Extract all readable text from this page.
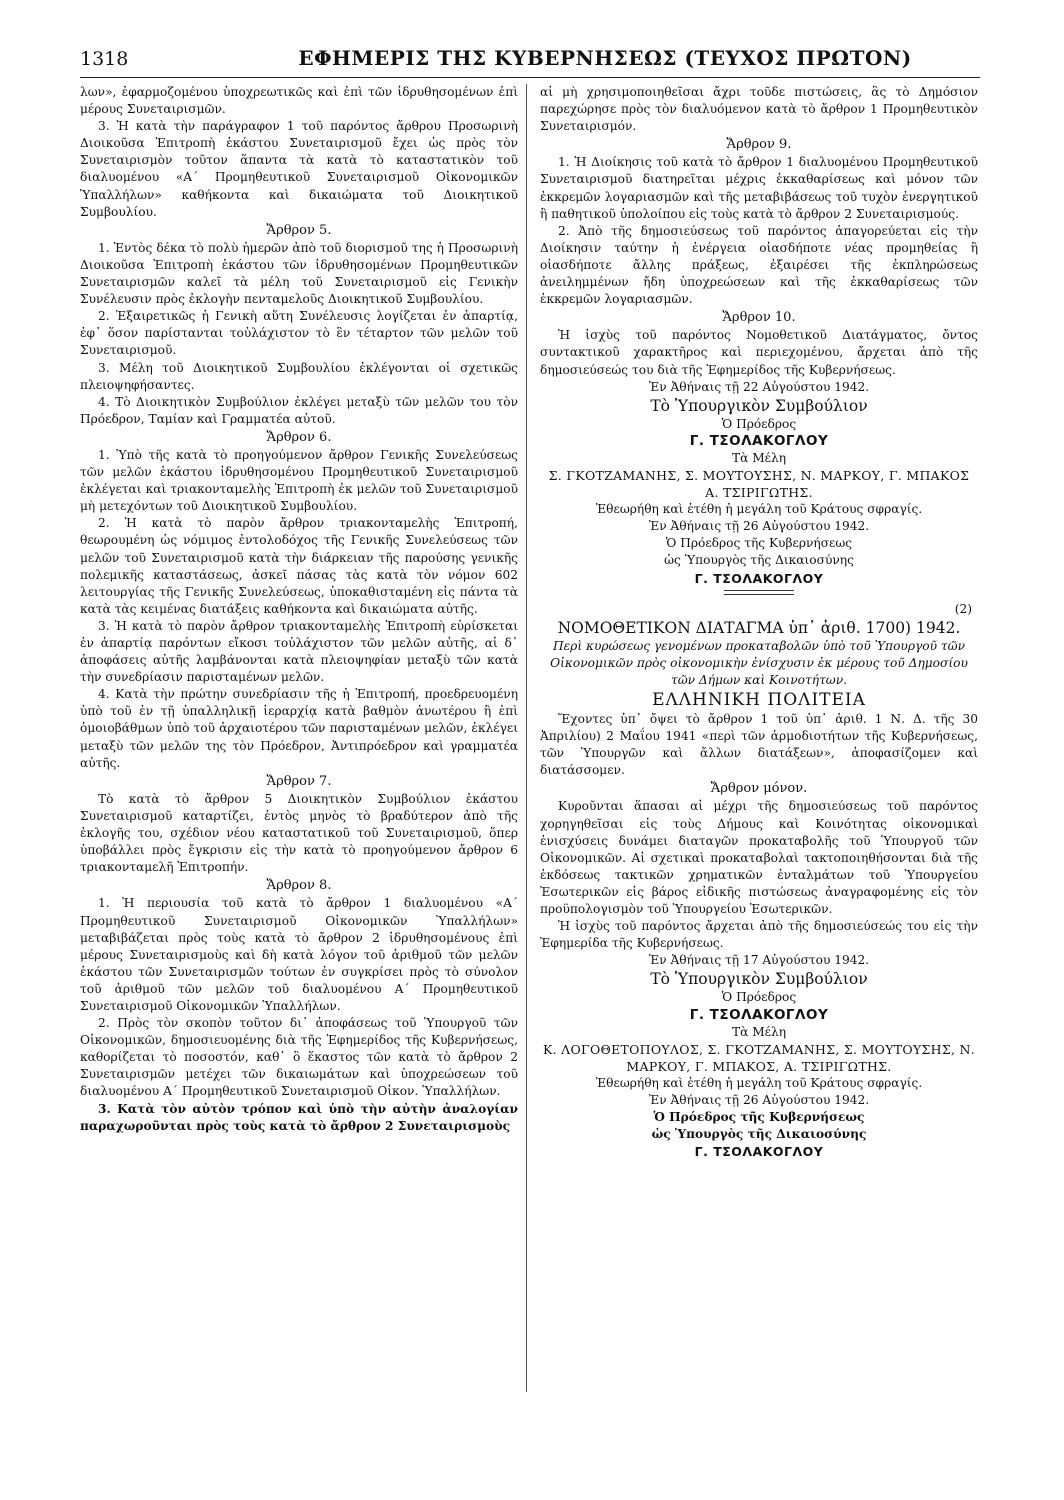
1318	ΕΦΗΜΕΡΙΣ ΤΗΣ ΚΥΒΕΡΝΗΣΕΩΣ (ΤΕΥΧΟΣ ΠΡΩΤΟΝ)

λων», ἐφαρμοζομένου ὑποχρεωτικῶς καὶ ἐπὶ τῶν ἱδρυθησομένων ἐπὶ μέρους Συνεταιρισμῶν.

3. Ἡ κατὰ τὴν παράγραφον 1 τοῦ παρόντος ἄρθρου Προσωρινὴ Διοικοῦσα Ἐπιτροπὴ ἑκάστου Συνεταιρισμοῦ ἔχει ὡς πρὸς τὸν Συνεταιρισμὸν τοῦτον ἅπαντα τὰ κατὰ τὸ καταστατικὸν τοῦ διαλυομένου «Α΄ Προμηθευτικοῦ Συνεταιρισμοῦ Οἰκονομικῶν Ὑπαλλήλων» καθήκοντα καὶ δικαιώματα τοῦ Διοικητικοῦ Συμβουλίου.

Ἄρθρον 5.

1. Ἐντὸς δέκα τὸ πολὺ ἡμερῶν ἀπὸ τοῦ διορισμοῦ της ἡ Προσωρινὴ Διοικοῦσα Ἐπιτροπὴ ἑκάστου τῶν ἱδρυθησομένων Προμηθευτικῶν Συνεταιρισμῶν καλεῖ τὰ μέλη τοῦ Συνεταιρισμοῦ εἰς Γενικὴν Συνέλευσιν πρὸς ἐκλογὴν πενταμελοῦς Διοικητικοῦ Συμβουλίου.

2. Ἐξαιρετικῶς ἡ Γενικὴ αὕτη Συνέλευσις λογίζεται ἐν ἀπαρτίᾳ, ἐφ᾽ ὅσον παρίστανται τοὐλάχιστον τὸ ἓν τέταρτον τῶν μελῶν τοῦ Συνεταιρισμοῦ.

3. Μέλη τοῦ Διοικητικοῦ Συμβουλίου ἐκλέγονται οἱ σχετικῶς πλειοψηφήσαντες.

4. Τὸ Διοικητικὸν Συμβούλιον ἐκλέγει μεταξὺ τῶν μελῶν του τὸν Πρόεδρον, Ταμίαν καὶ Γραμματέα αὐτοῦ.

Ἄρθρον 6.

1. Ὑπὸ τῆς κατὰ τὸ προηγούμενον ἄρθρον Γενικῆς Συνελεύσεως τῶν μελῶν ἑκάστου ἱδρυθησομένου Προμηθευτικοῦ Συνεταιρισμοῦ ἐκλέγεται καὶ τριακονταμελὴς Ἐπιτροπὴ ἐκ μελῶν τοῦ Συνεταιρισμοῦ μὴ μετεχόντων τοῦ Διοικητικοῦ Συμβουλίου.

2. Ἡ κατὰ τὸ παρὸν ἄρθρον τριακονταμελὴς Ἐπιτροπή, θεωρουμένη ὡς νόμιμος ἐντολοδόχος τῆς Γενικῆς Συνελεύσεως τῶν μελῶν τοῦ Συνεταιρισμοῦ κατὰ τὴν διάρκειαν τῆς παρούσης γενικῆς πολεμικῆς καταστάσεως, ἀσκεῖ πάσας τὰς κατὰ τὸν νόμον 602 λειτουργίας τῆς Γενικῆς Συνελεύσεως, ὑποκαθισταμένη εἰς πάντα τὰ κατὰ τὰς κειμένας διατάξεις καθήκοντα καὶ δικαιώματα αὐτῆς.

3. Ἡ κατὰ τὸ παρὸν ἄρθρον τριακονταμελὴς Ἐπιτροπὴ εὑρίσκεται ἐν ἀπαρτίᾳ παρόντων εἴκοσι τοὐλάχιστον τῶν μελῶν αὐτῆς, αἱ δ᾽ ἀποφάσεις αὐτῆς λαμβάνονται κατὰ πλειοψηφίαν μεταξὺ τῶν κατὰ τὴν συνεδρίασιν παρισταμένων μελῶν.

4. Κατὰ τὴν πρώτην συνεδρίασιν τῆς ἡ Ἐπιτροπή, προεδρευομένη ὑπὸ τοῦ ἐν τῇ ὑπαλληλικῇ ἱεραρχίᾳ κατὰ βαθμὸν ἀνωτέρου ἢ ἐπὶ ὁμοιοβάθμων ὑπὸ τοῦ ἀρχαιοτέρου τῶν παρισταμένων μελῶν, ἐκλέγει μεταξὺ τῶν μελῶν της τὸν Πρόεδρον, Ἀντιπρόεδρον καὶ γραμματέα αὐτῆς.

Ἄρθρον 7.

Τὸ κατὰ τὸ ἄρθρον 5 Διοικητικὸν Συμβούλιον ἑκάστου Συνεταιρισμοῦ καταρτίζει, ἐντὸς μηνὸς τὸ βραδύτερον ἀπὸ τῆς ἐκλογῆς του, σχέδιον νέου καταστατικοῦ τοῦ Συνεταιρισμοῦ, ὅπερ ὑποβάλλει πρὸς ἔγκρισιν εἰς τὴν κατὰ τὸ προηγούμενον ἄρθρον 6 τριακονταμελῆ Ἐπιτροπήν.

Ἄρθρον 8.

1. Ἡ περιουσία τοῦ κατὰ τὸ ἄρθρον 1 διαλυομένου «Α΄ Προμηθευτικοῦ Συνεταιρισμοῦ Οἰκονομικῶν Ὑπαλλήλων» μεταβιβάζεται πρὸς τοὺς κατὰ τὸ ἄρθρον 2 ἱδρυθησομένους ἐπὶ μέρους Συνεταιρισμοὺς καὶ δὴ κατὰ λόγον τοῦ ἀριθμοῦ τῶν μελῶν ἑκάστου τῶν Συνεταιρισμῶν τούτων ἐν συγκρίσει πρὸς τὸ σύνολον τοῦ ἀριθμοῦ τῶν μελῶν τοῦ διαλυομένου Α΄ Προμηθευτικοῦ Συνεταιρισμοῦ Οἰκονομικῶν Ὑπαλλήλων.

2. Πρὸς τὸν σκοπὸν τοῦτον δι᾽ ἀποφάσεως τοῦ Ὑπουργοῦ τῶν Οἰκονομικῶν, δημοσιευομένης διὰ τῆς Ἐφημερίδος τῆς Κυβερνήσεως, καθορίζεται τὸ ποσοστόν, καθ᾽ ὃ ἕκαστος τῶν κατὰ τὸ ἄρθρον 2 Συνεταιρισμῶν μετέχει τῶν δικαιωμάτων καὶ ὑποχρεώσεων τοῦ διαλυομένου Α΄ Προμηθευτικοῦ Συνεταιρισμοῦ Οἰκον. Ὑπαλλήλων.

3. Κατὰ τὸν αὐτὸν τρόπον καὶ ὑπὸ τὴν αὐτὴν ἀναλογίαν παραχωροῦνται πρὸς τοὺς κατὰ τὸ ἄρθρον 2 Συνεταιρισμοὺς

αἱ μὴ χρησιμοποιηθεῖσαι ἄχρι τοῦδε πιστώσεις, ἃς τὸ Δημόσιον παρεχώρησε πρὸς τὸν διαλυόμενον κατὰ τὸ ἄρθρον 1 Προμηθευτικὸν Συνεταιρισμόν.

Ἄρθρον 9.

1. Ἡ Διοίκησις τοῦ κατὰ τὸ ἄρθρον 1 διαλυομένου Προμηθευτικοῦ Συνεταιρισμοῦ διατηρεῖται μέχρις ἐκκαθαρίσεως καὶ μόνον τῶν ἐκκρεμῶν λογαριασμῶν καὶ τῆς μεταβιβάσεως τοῦ τυχὸν ἐνεργητικοῦ ἢ παθητικοῦ ὑπολοίπου εἰς τοὺς κατὰ τὸ ἄρθρον 2 Συνεταιρισμούς.

2. Ἀπὸ τῆς δημοσιεύσεως τοῦ παρόντος ἀπαγορεύεται εἰς τὴν Διοίκησιν ταύτην ἡ ἐνέργεια οἱασδήποτε νέας προμηθείας ἢ οἱασδήποτε ἄλλης πράξεως, ἐξαιρέσει τῆς ἐκπληρώσεως ἀνειλημμένων ἤδη ὑποχρεώσεων καὶ τῆς ἐκκαθαρίσεως τῶν ἐκκρεμῶν λογαριασμῶν.

Ἄρθρον 10.

Ἡ ἰσχὺς τοῦ παρόντος Νομοθετικοῦ Διατάγματος, ὄντος συντακτικοῦ χαρακτῆρος καὶ περιεχομένου, ἄρχεται ἀπὸ τῆς δημοσιεύσεώς του διὰ τῆς Ἐφημερίδος τῆς Κυβερνήσεως.

Ἐν Ἀθήναις τῇ 22 Αὐγούστου 1942.
Τὸ Ὑπουργικὸν Συμβούλιον
Ὁ Πρόεδρος
Γ. ΤΣΟΛΑΚΟΓΛΟΥ
Τὰ Μέλη
Σ. ΓΚΟΤΖΑΜΑΝΗΣ, Σ. ΜΟΥΤΟΥΣΗΣ, Ν. ΜΑΡΚΟΥ, Γ. ΜΠΑΚΟΣ Α. ΤΣΙΡΙΓΩΤΗΣ.
Ἐθεωρήθη καὶ ἐτέθη ἡ μεγάλη τοῦ Κράτους σφραγίς.
Ἐν Ἀθήναις τῇ 26 Αὐγούστου 1942.
Ὁ Πρόεδρος τῆς Κυβερνήσεως
ὡς Ὑπουργὸς τῆς Δικαιοσύνης
Γ. ΤΣΟΛΑΚΟΓΛΟΥ
(2)
ΝΟΜΟΘΕΤΙΚΟΝ ΔΙΑΤΑΓΜΑ ὑπ᾽ ἀριθ. 1700) 1942.
Περὶ κυρώσεως γενομένων προκαταβολῶν ὑπὸ τοῦ Ὑπουργοῦ τῶν Οἰκονομικῶν πρὸς οἰκονομικὴν ἐνίσχυσιν ἐκ μέρους τοῦ Δημοσίου τῶν Δήμων καὶ Κοινοτήτων.
ΕΛΛΗΝΙΚΗ ΠΟΛΙΤΕΙΑ

Ἔχοντες ὑπ᾽ ὄψει τὸ ἄρθρον 1 τοῦ ὑπ᾽ ἀριθ. 1 Ν. Δ. τῆς 30 Ἀπριλίου) 2 Μαΐου 1941 «περὶ τῶν ἁρμοδιοτήτων τῆς Κυβερνήσεως, τῶν Ὑπουργῶν καὶ ἄλλων διατάξεων», ἀποφασίζομεν καὶ διατάσσομεν.

Ἄρθρον μόνον.

Κυροῦνται ἅπασαι αἱ μέχρι τῆς δημοσιεύσεως τοῦ παρόντος χορηγηθεῖσαι εἰς τοὺς Δήμους καὶ Κοινότητας οἰκονομικαὶ ἐνισχύσεις δυνάμει διαταγῶν προκαταβολῆς τοῦ Ὑπουργοῦ τῶν Οἰκονομικῶν. Αἱ σχετικαὶ προκαταβολαὶ τακτοποιηθήσονται διὰ τῆς ἐκδόσεως τακτικῶν χρηματικῶν ἐνταλμάτων τοῦ Ὑπουργείου Ἐσωτερικῶν εἰς βάρος εἰδικῆς πιστώσεως ἀναγραφομένης εἰς τὸν προϋπολογισμὸν τοῦ Ὑπουργείου Ἐσωτερικῶν.

Ἡ ἰσχὺς τοῦ παρόντος ἄρχεται ἀπὸ τῆς δημοσιεύσεώς του εἰς τὴν Ἐφημερίδα τῆς Κυβερνήσεως.

Ἐν Ἀθήναις τῇ 17 Αὐγούστου 1942.
Τὸ Ὑπουργικὸν Συμβούλιον
Ὁ Πρόεδρος
Γ. ΤΣΟΛΑΚΟΓΛΟΥ
Τὰ Μέλη
Κ. ΛΟΓΟΘΕΤΟΠΟΥΛΟΣ, Σ. ΓΚΟΤΖΑΜΑΝΗΣ, Σ. ΜΟΥΤΟΥΣΗΣ, Ν. ΜΑΡΚΟΥ, Γ. ΜΠΑΚΟΣ, Α. ΤΣΙΡΙΓΩΤΗΣ.
Ἐθεωρήθη καὶ ἐτέθη ἡ μεγάλη τοῦ Κράτους σφραγίς.
Ἐν Ἀθήναις τῇ 26 Αὐγούστου 1942.
Ὁ Πρόεδρος τῆς Κυβερνήσεως
ὡς Ὑπουργὸς τῆς Δικαιοσύνης
Γ. ΤΣΟΛΑΚΟΓΛΟΥ
